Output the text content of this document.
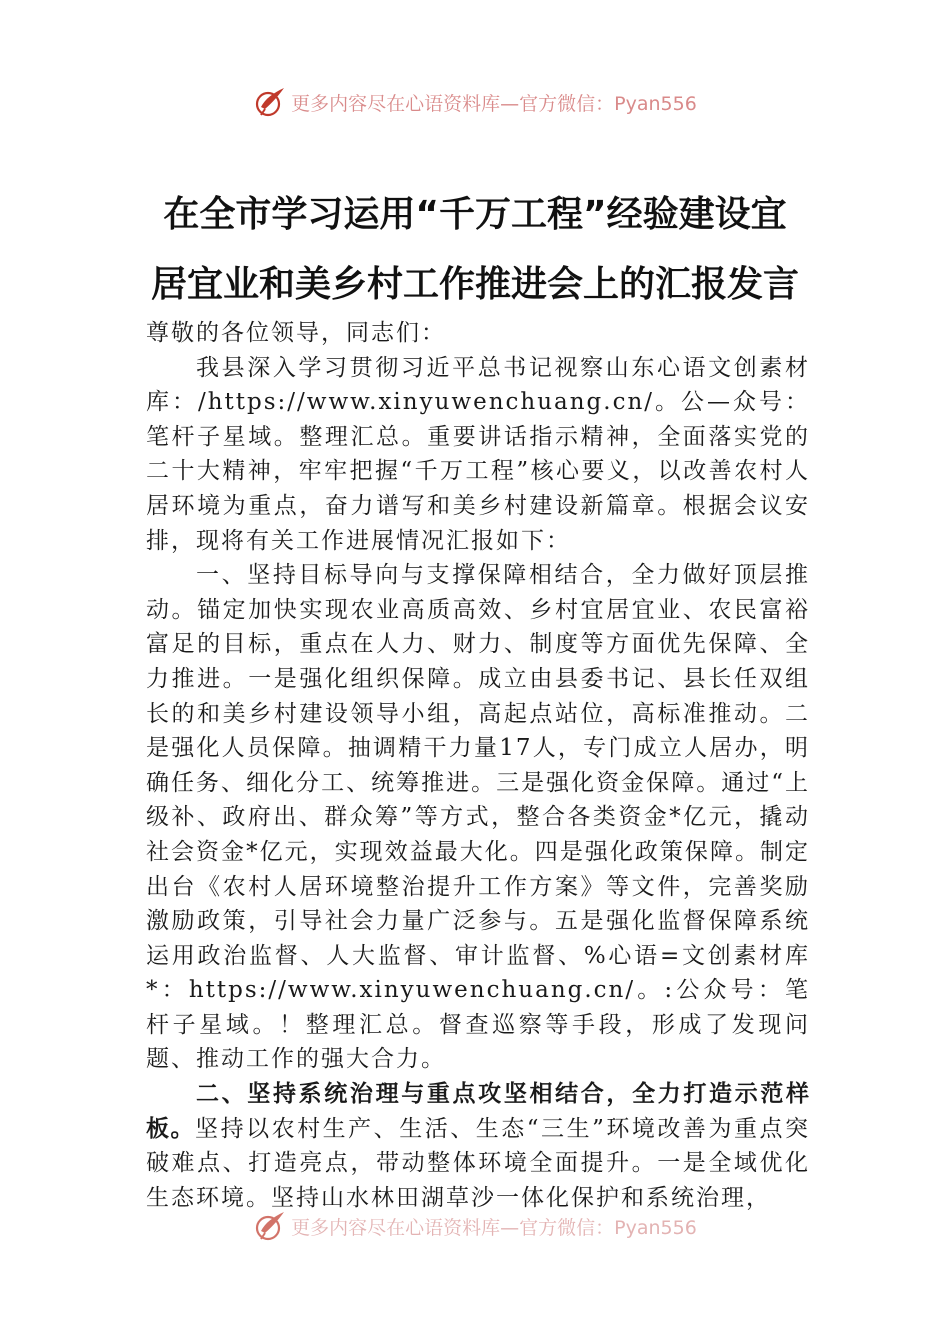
更多内容尽在心语资料库—官方微信：Pyan556
在全市学习运用“千万工程”经验建设宜
居宜业和美乡村工作推进会上的汇报发言

尊敬的各位领导，同志们：

我县深入学习贯彻习近平总书记视察山东心语文创素材库：/https://www.xinyuwenchuang.cn/。公—众号：笔杆子星域。整理汇总。重要讲话指示精神，全面落实党的二十大精神，牢牢把握“千万工程”核心要义，以改善农村人居环境为重点，奋力谱写和美乡村建设新篇章。根据会议安排，现将有关工作进展情况汇报如下：

一、坚持目标导向与支撑保障相结合，全力做好顶层推动。锚定加快实现农业高质高效、乡村宜居宜业、农民富裕富足的目标，重点在人力、财力、制度等方面优先保障、全力推进。一是强化组织保障。成立由县委书记、县长任双组长的和美乡村建设领导小组，高起点站位，高标准推动。二是强化人员保障。抽调精干力量17人，专门成立人居办，明确任务、细化分工、统筹推进。三是强化资金保障。通过“上级补、政府出、群众筹”等方式，整合各类资金*亿元，撬动社会资金*亿元，实现效益最大化。四是强化政策保障。制定出台《农村人居环境整治提升工作方案》等文件，完善奖励激励政策，引导社会力量广泛参与。五是强化监督保障系统运用政治监督、人大监督、审计监督、%心语=文创素材库*：https://www.xinyuwenchuang.cn/。:公众号：笔杆子星域。！整理汇总。督查巡察等手段，形成了发现问题、推动工作的强大合力。

二、坚持系统治理与重点攻坚相结合，全力打造示范样板。坚持以农村生产、生活、生态“三生”环境改善为重点突破难点、打造亮点，带动整体环境全面提升。一是全域优化生态环境。坚持山水林田湖草沙一体化保护和系统治理，

更多内容尽在心语资料库—官方微信：Pyan556
